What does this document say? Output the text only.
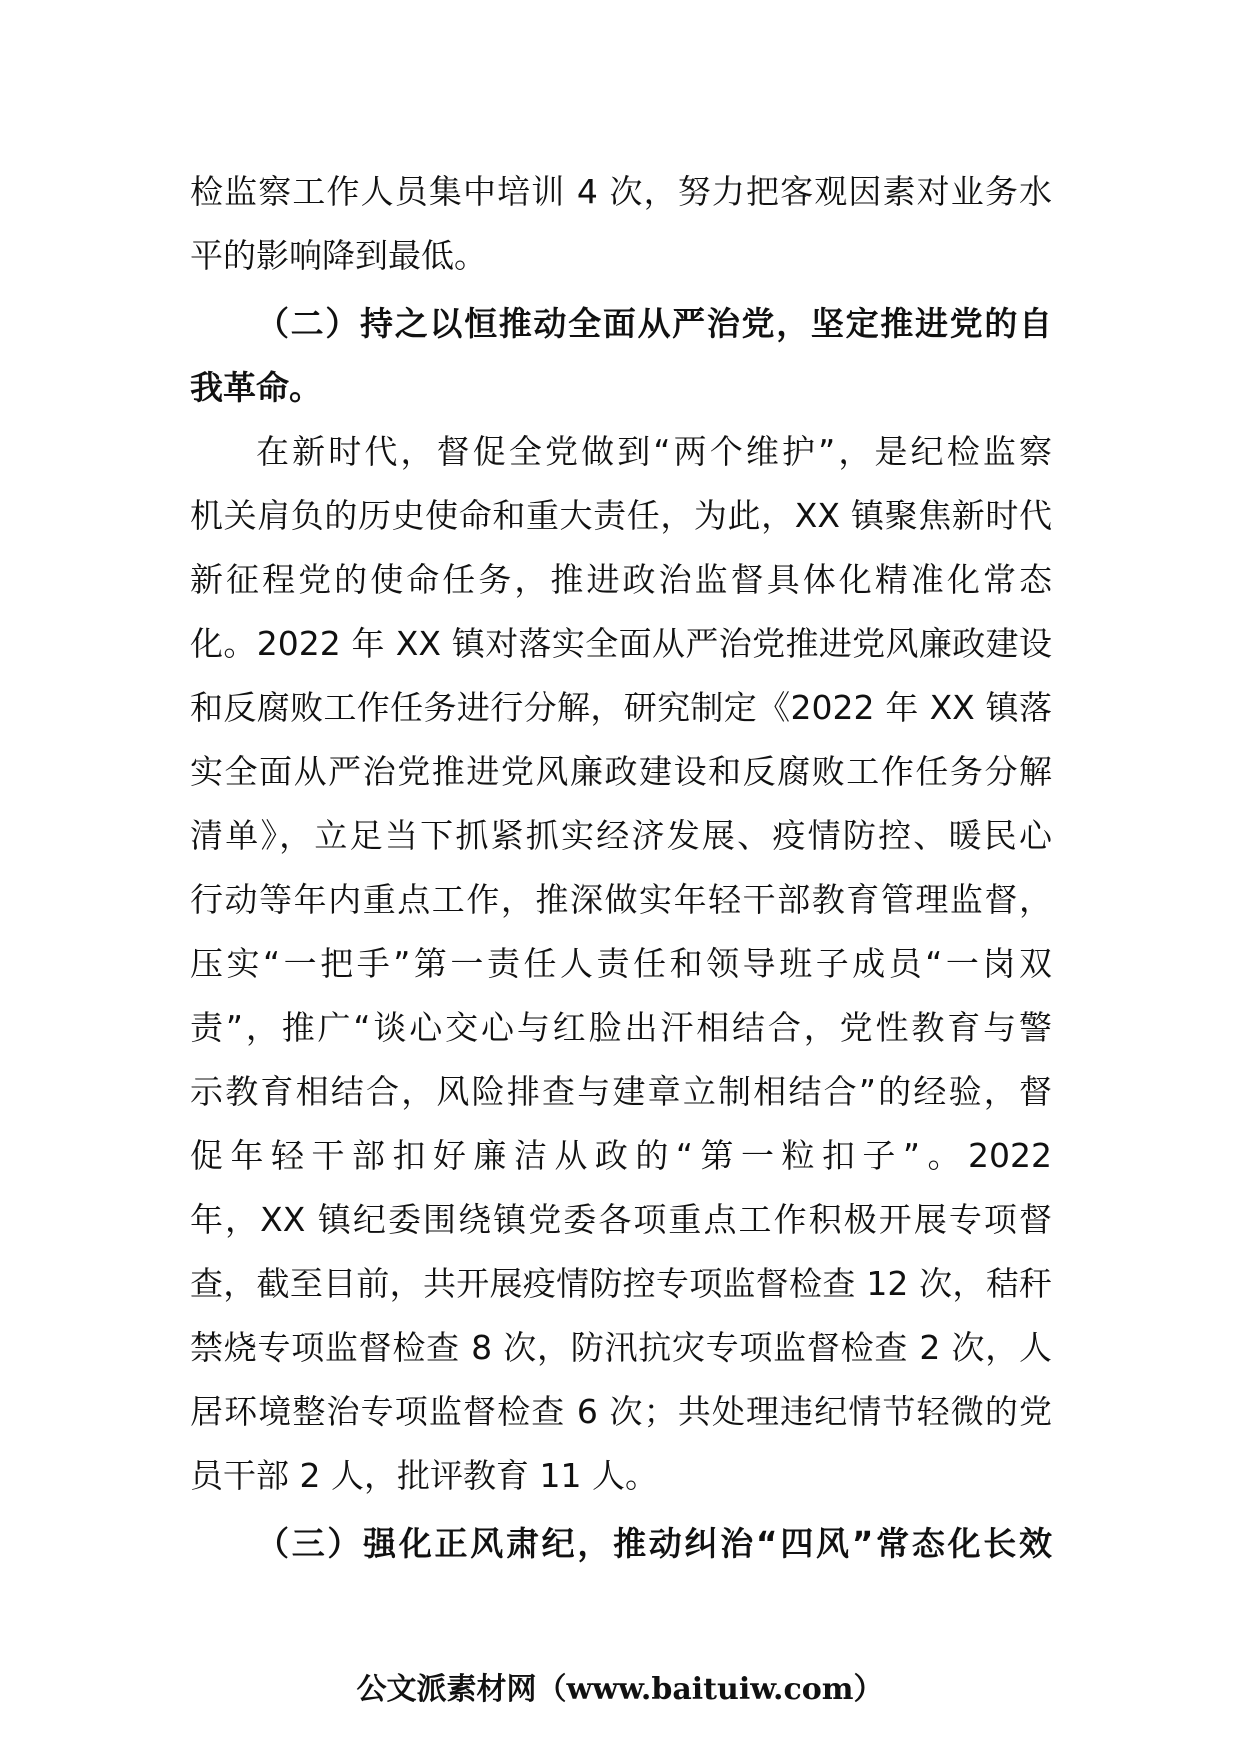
检监察工作人员集中培训 4 次，努力把客观因素对业务水
平的影响降到最低。
（二）持之以恒推动全面从严治党，坚定推进党的自
我革命。
在新时代，督促全党做到“两个维护”，是纪检监察
机关肩负的历史使命和重大责任，为此，XX 镇聚焦新时代
新征程党的使命任务，推进政治监督具体化精准化常态
化。2022 年 XX 镇对落实全面从严治党推进党风廉政建设
和反腐败工作任务进行分解，研究制定《2022 年 XX 镇落
实全面从严治党推进党风廉政建设和反腐败工作任务分解
清单》，立足当下抓紧抓实经济发展、疫情防控、暖民心
行动等年内重点工作，推深做实年轻干部教育管理监督，
压实“一把手”第一责任人责任和领导班子成员“一岗双
责”，推广“谈心交心与红脸出汗相结合，党性教育与警
示教育相结合，风险排查与建章立制相结合”的经验，督
促年轻干部扣好廉洁从政的“第一粒扣子”。2022
年，XX 镇纪委围绕镇党委各项重点工作积极开展专项督
查，截至目前，共开展疫情防控专项监督检查 12 次，秸秆
禁烧专项监督检查 8 次，防汛抗灾专项监督检查 2 次，人
居环境整治专项监督检查 6 次；共处理违纪情节轻微的党
员干部 2 人，批评教育 11 人。
（三）强化正风肃纪，推动纠治“四风”常态化长效
公文派素材网（www.baituiw.com）
